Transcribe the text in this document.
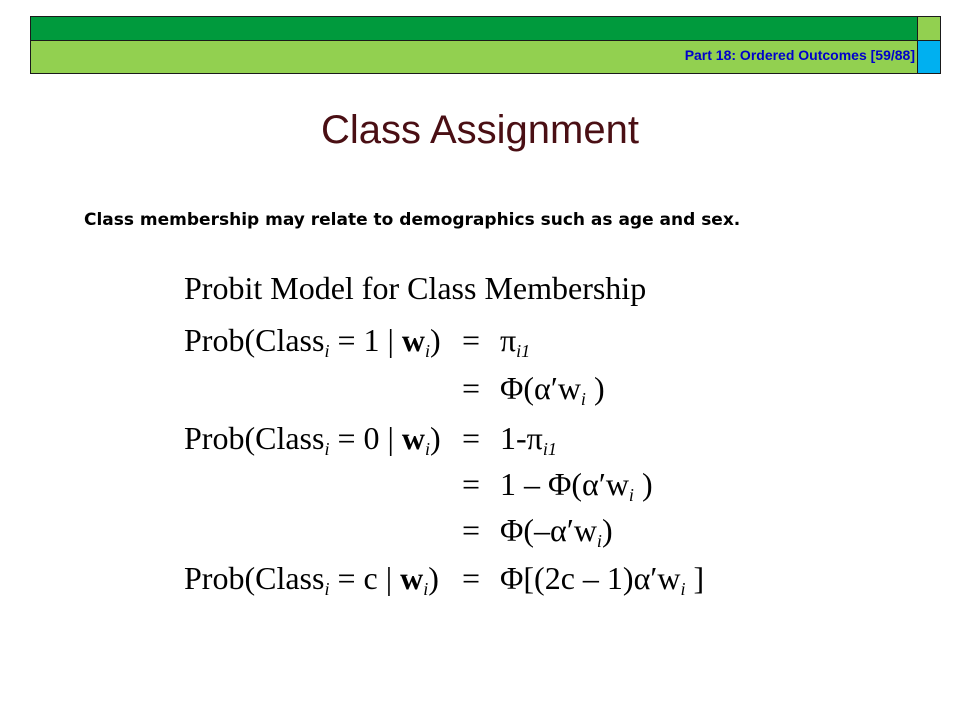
Part 18: Ordered Outcomes [59/88]
Class Assignment
Class membership may relate to demographics such as age and sex.
Probit Model for Class Membership
Prob(Class$_i$ = 1 | $w_i) = \pi_{i1}$
= $\Phi(\alpha'w_i$ )
Prob(Class$_i$ = 0 | $w_i) = 1-\pi_{i1}$
= $1 - \Phi(\alpha'w_i$ )
= $\Phi(-\alpha'w_i)$
Prob(Class$_i$ = c | $w_i) = \Phi[(2c - 1)\alpha'w_i$ ]
